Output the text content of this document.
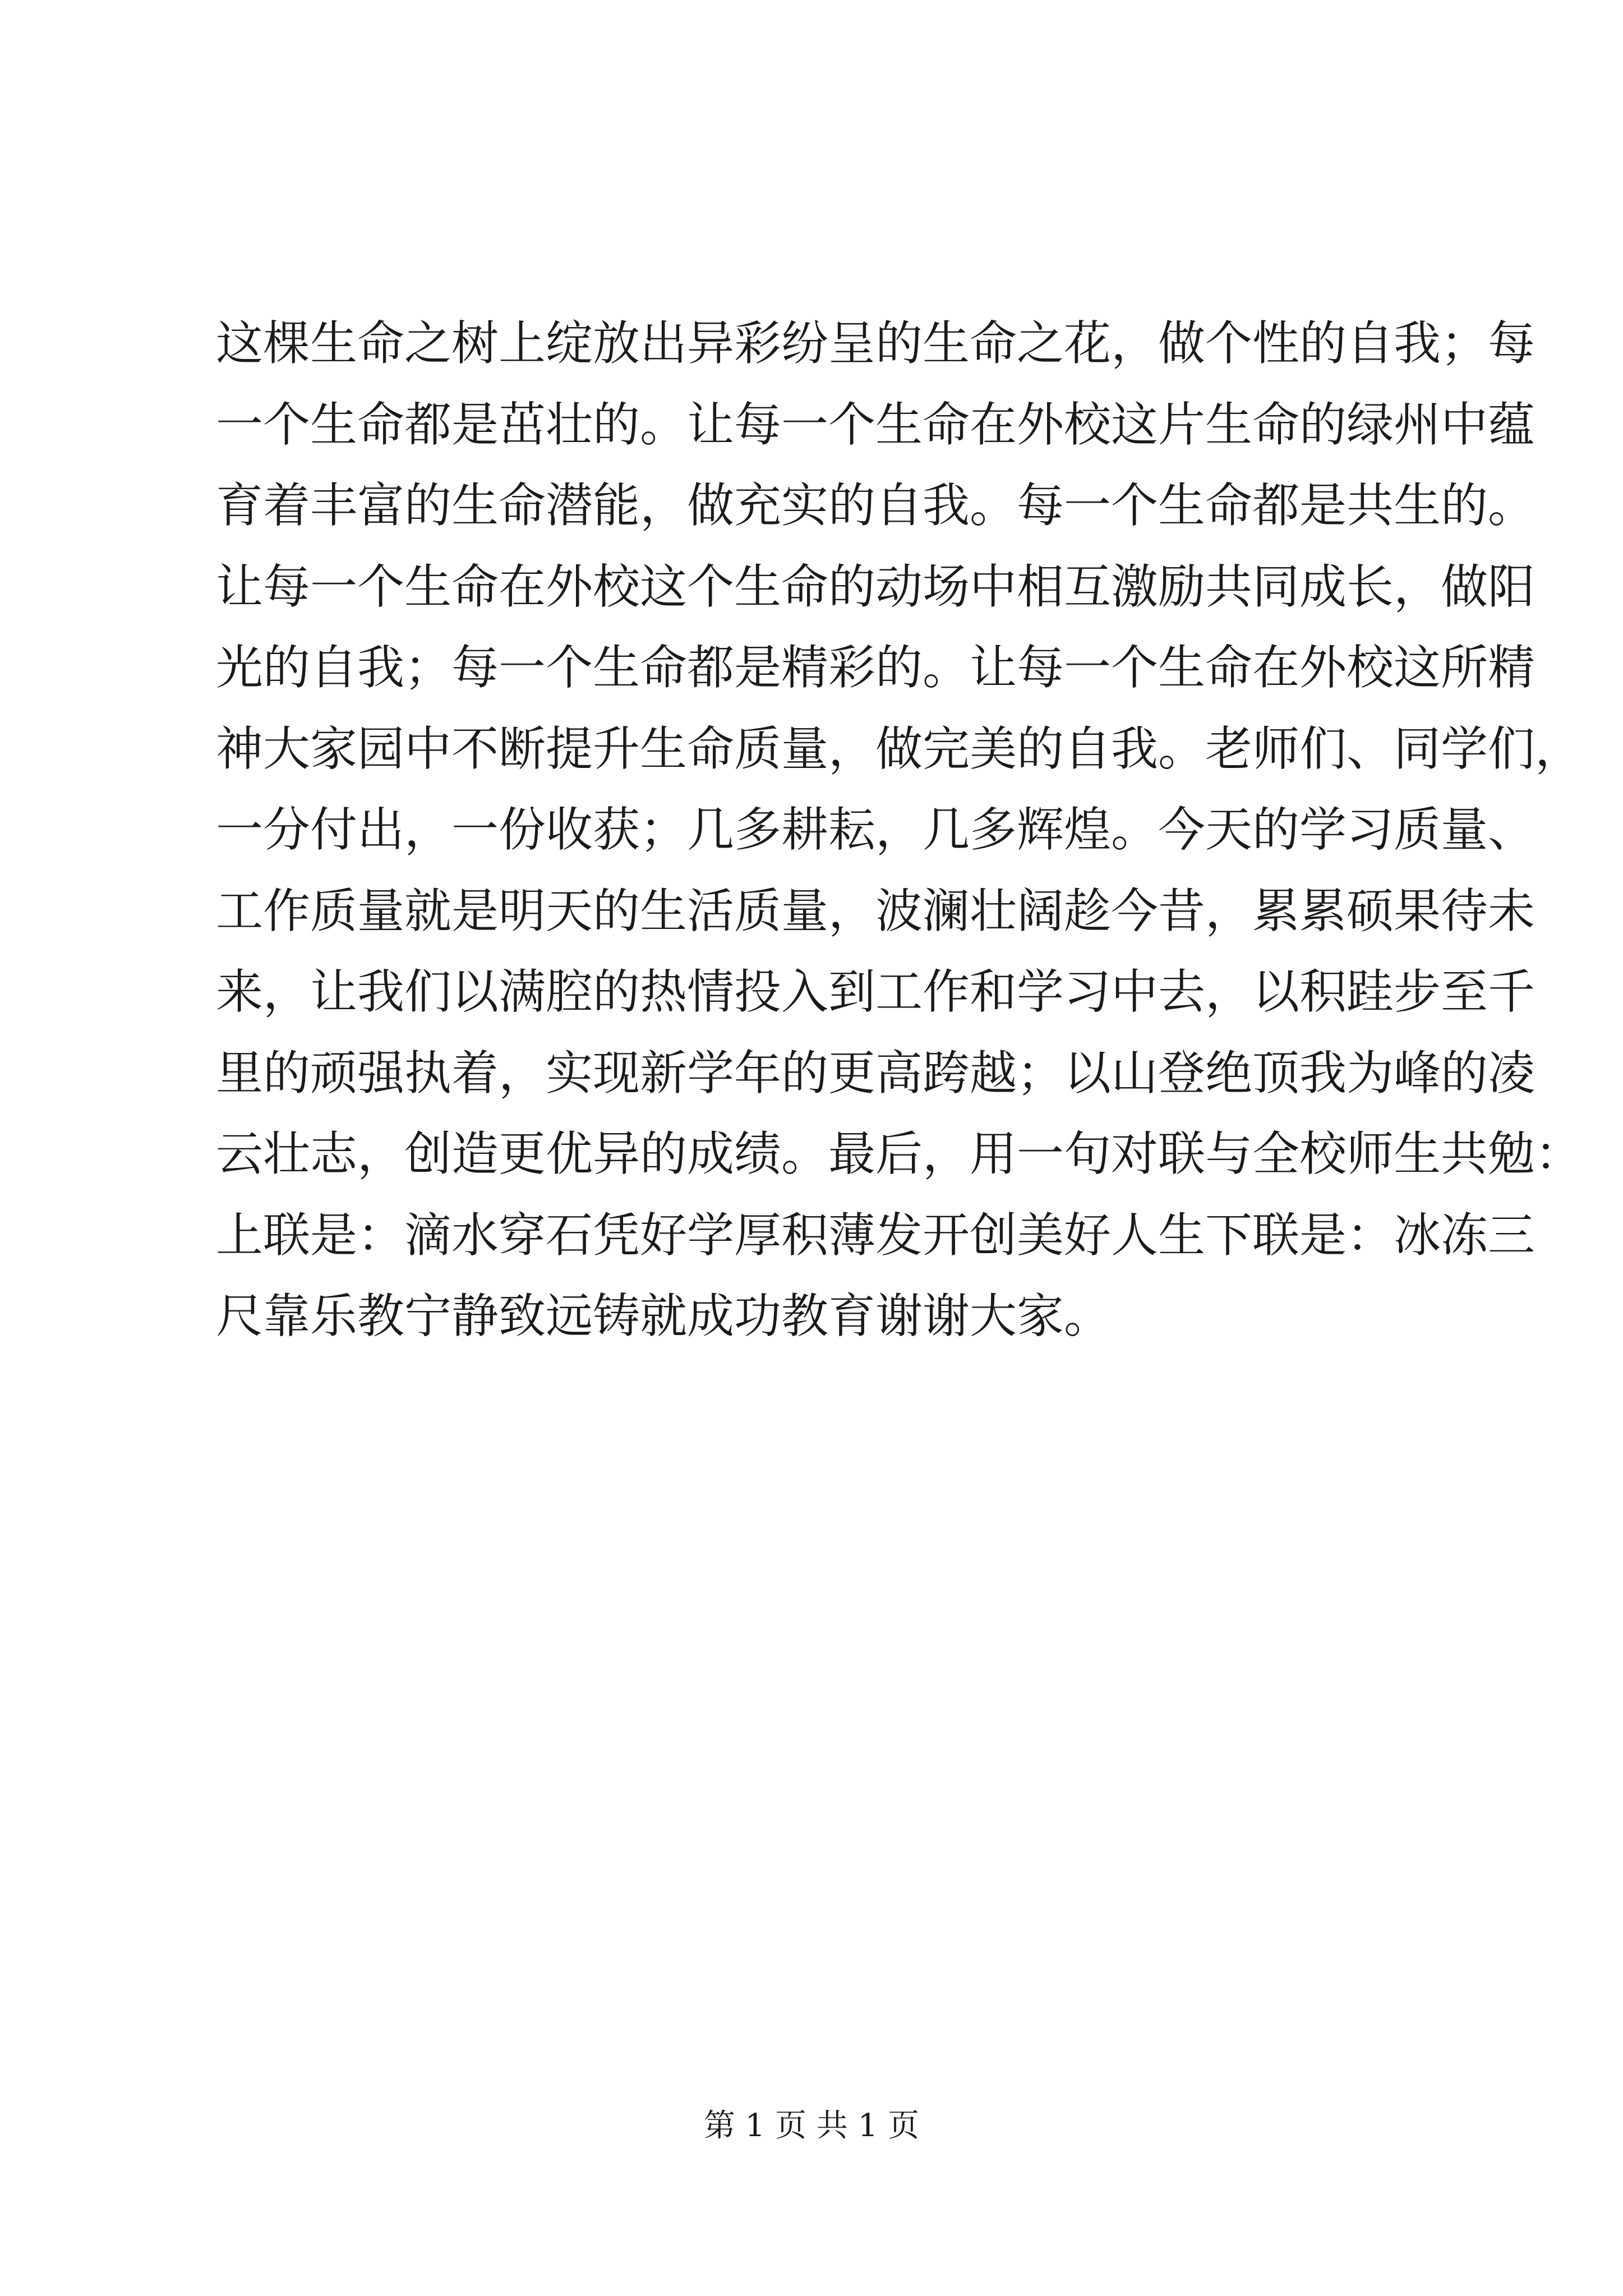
这棵生命之树上绽放出异彩纷呈的生命之花，做个性的自我；每
一个生命都是茁壮的。让每一个生命在外校这片生命的绿州中蕴
育着丰富的生命潜能，做充实的自我。每一个生命都是共生的。
让每一个生命在外校这个生命的动场中相互激励共同成长，做阳
光的自我；每一个生命都是精彩的。让每一个生命在外校这所精
神大家园中不断提升生命质量，做完美的自我。老师们、同学们，
一分付出，一份收获；几多耕耘，几多辉煌。今天的学习质量、
工作质量就是明天的生活质量，波澜壮阔趁今昔，累累硕果待未
来，让我们以满腔的热情投入到工作和学习中去，以积跬步至千
里的顽强执着，实现新学年的更高跨越；以山登绝顶我为峰的凌
云壮志，创造更优异的成绩。最后，用一句对联与全校师生共勉：
上联是：滴水穿石凭好学厚积薄发开创美好人生下联是：冰冻三
尺靠乐教宁静致远铸就成功教育谢谢大家。
第 1 页 共 1 页
